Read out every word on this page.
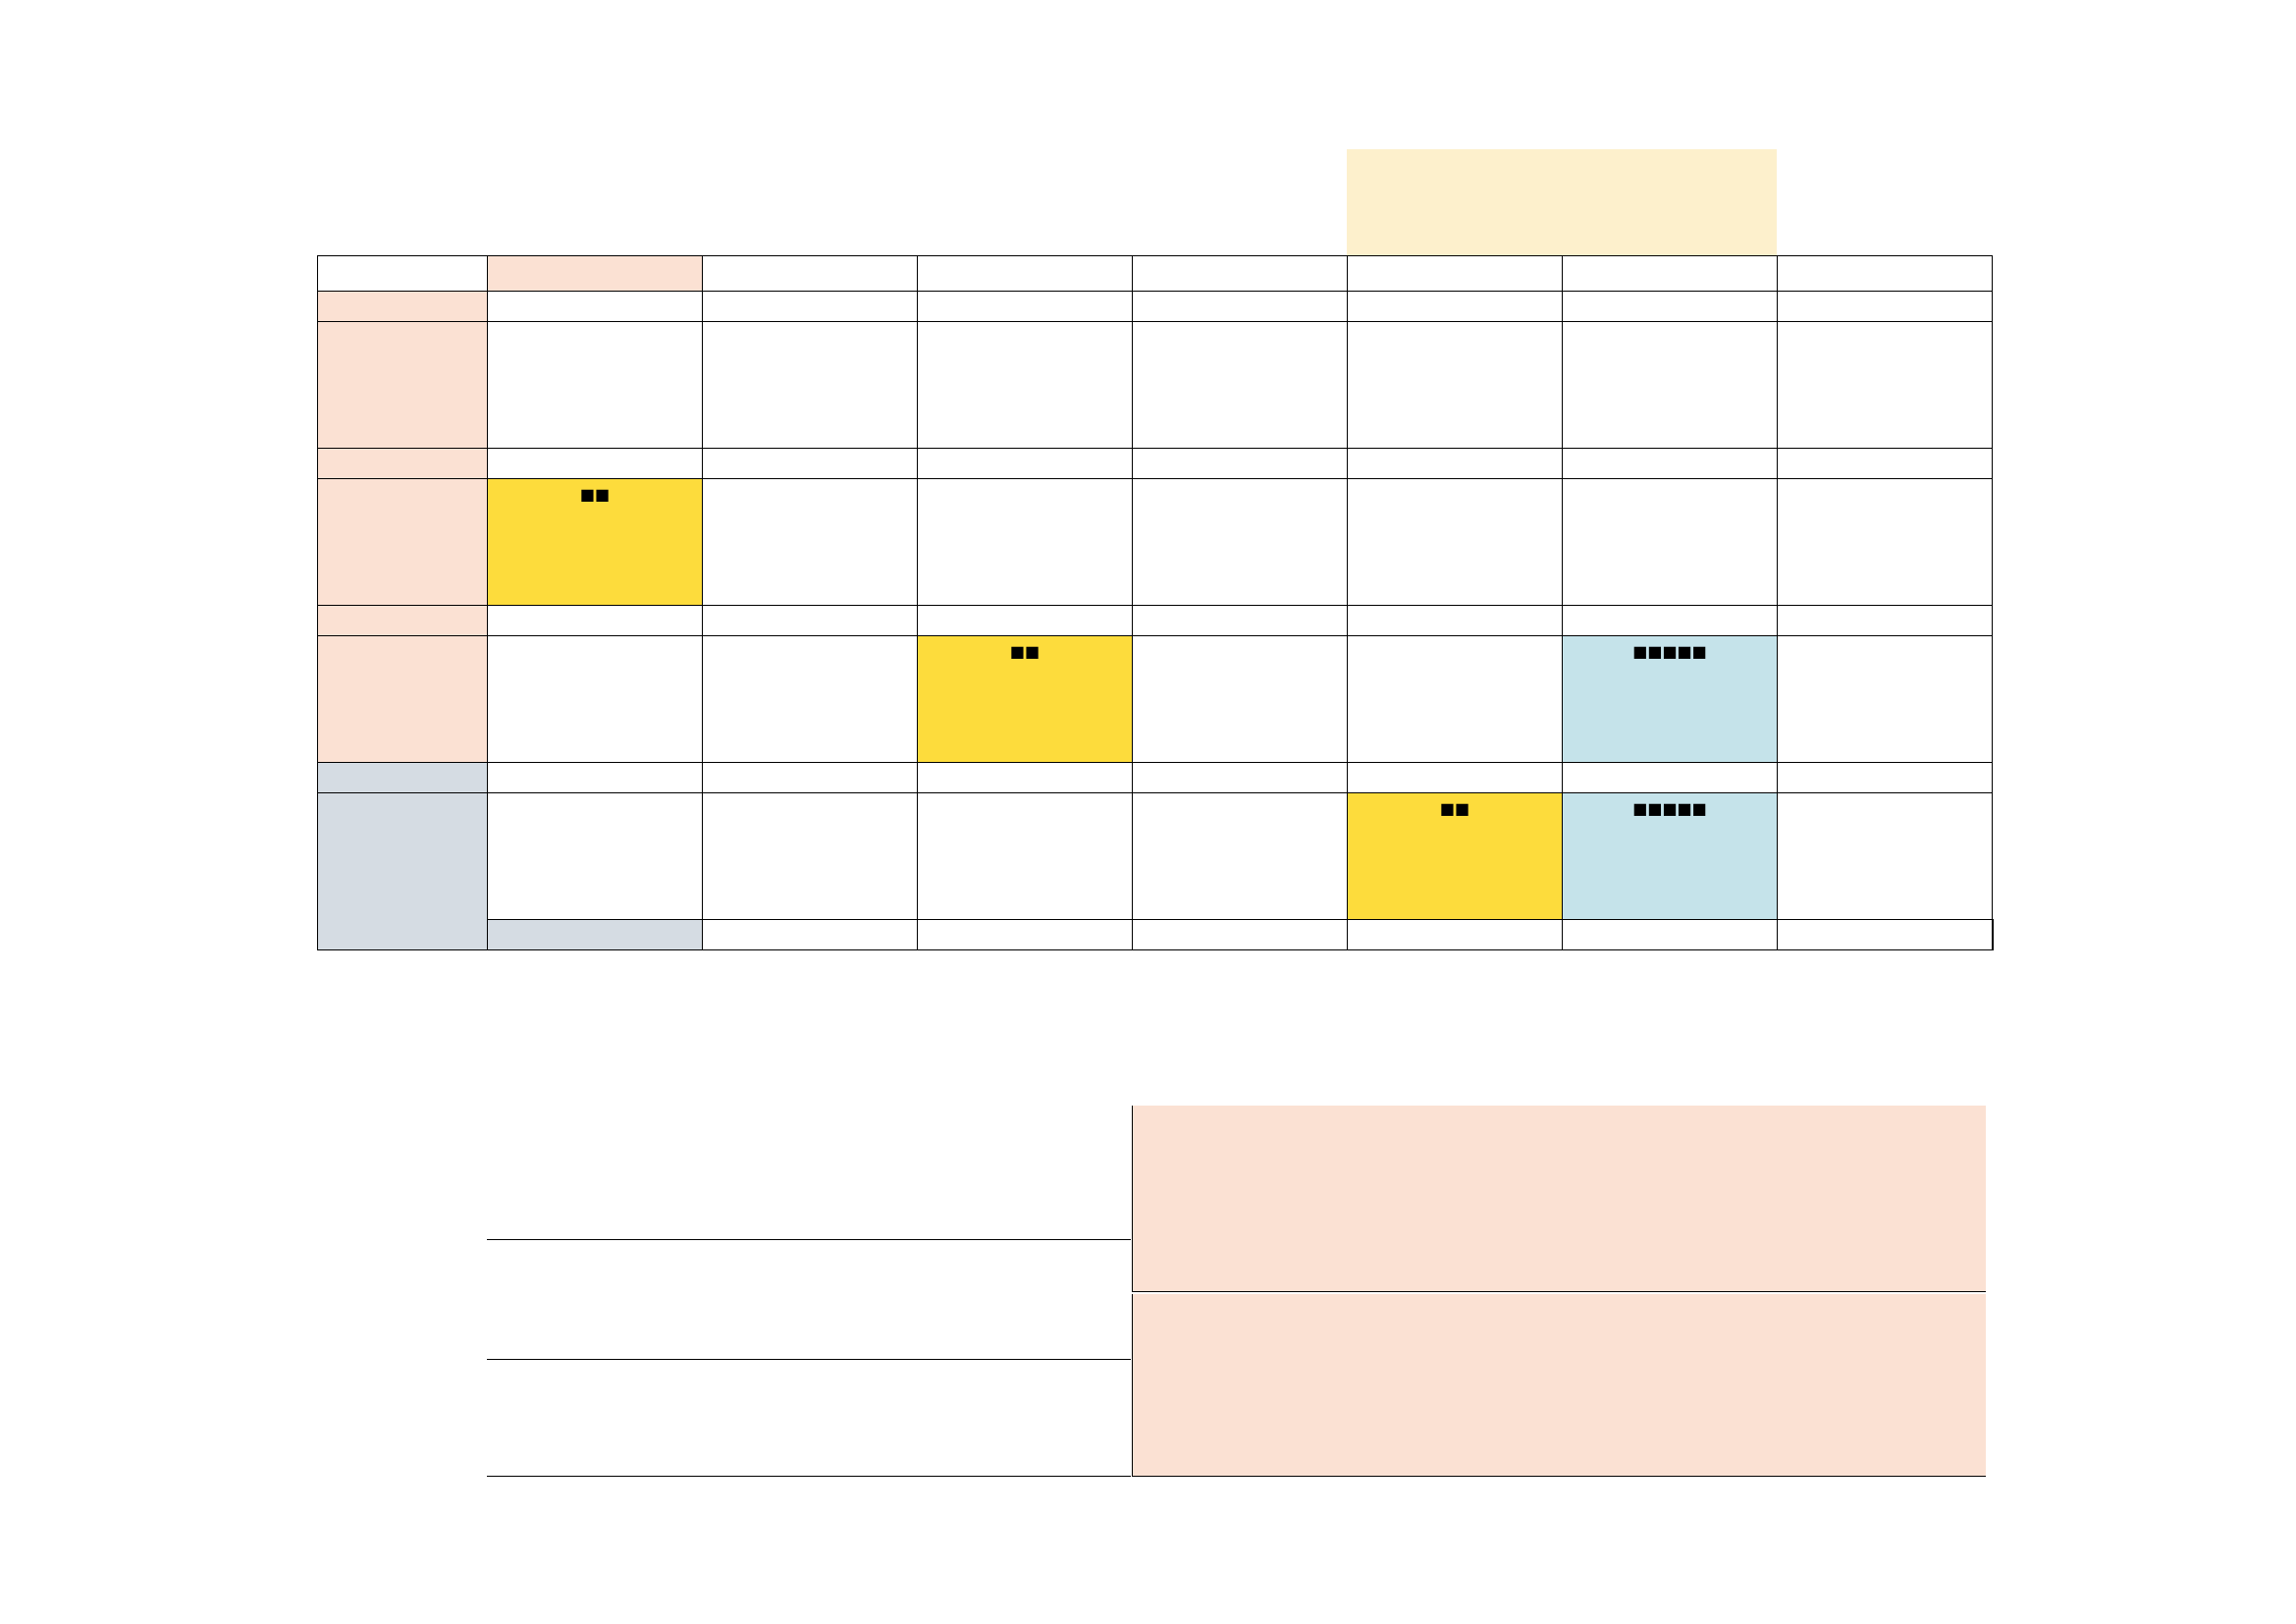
	■■							

			■■			■■■■■		

					■■	■■■■■		
